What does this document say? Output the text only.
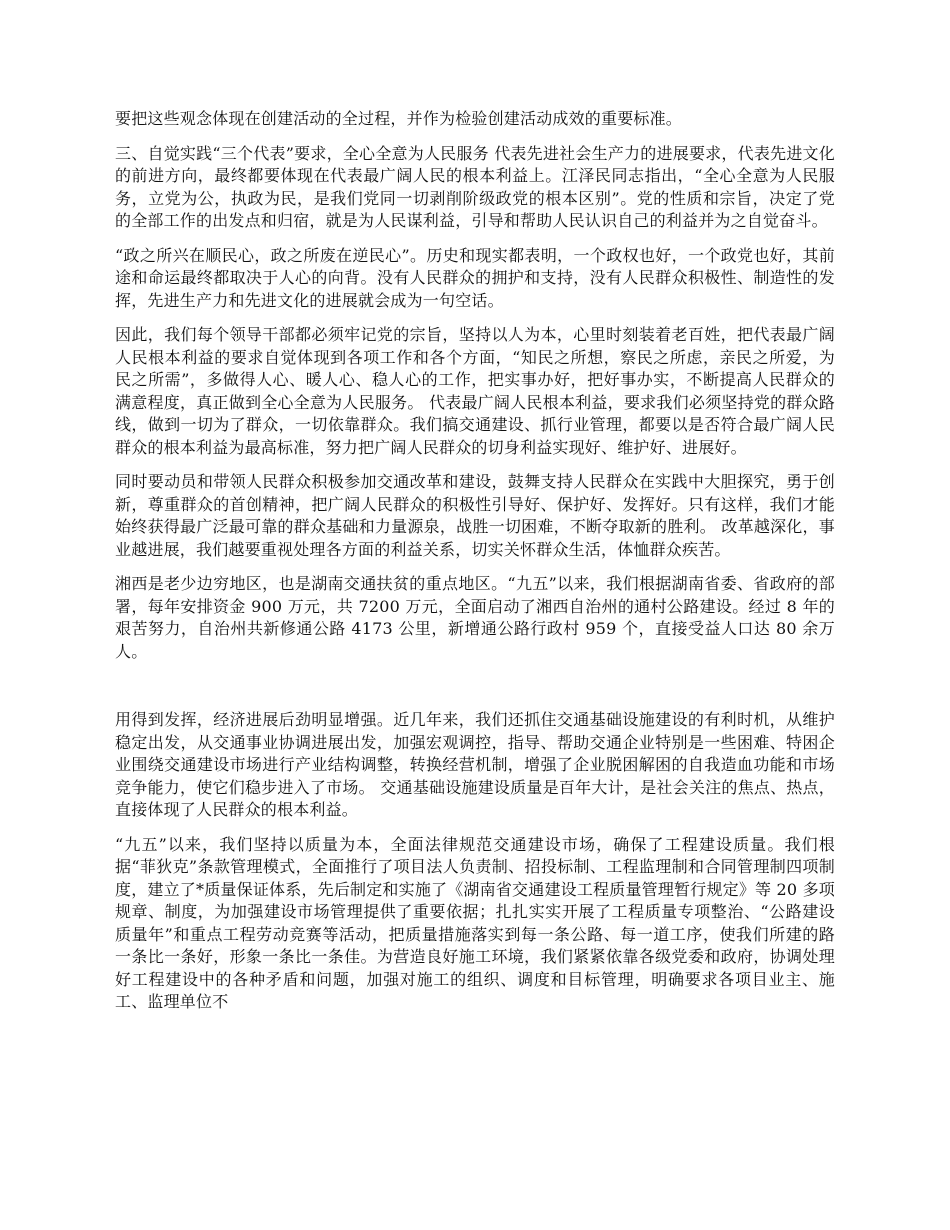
要把这些观念体现在创建活动的全过程，并作为检验创建活动成效的重要标准。

三、自觉实践“三个代表”要求，全心全意为人民服务 代表先进社会生产力的进展要求，代表先进文化的前进方向，最终都要体现在代表最广阔人民的根本利益上。江泽民同志指出，“全心全意为人民服务，立党为公，执政为民，是我们党同一切剥削阶级政党的根本区别”。党的性质和宗旨，决定了党的全部工作的出发点和归宿，就是为人民谋利益，引导和帮助人民认识自己的利益并为之自觉奋斗。

“政之所兴在顺民心，政之所废在逆民心”。历史和现实都表明，一个政权也好，一个政党也好，其前途和命运最终都取决于人心的向背。没有人民群众的拥护和支持，没有人民群众积极性、制造性的发挥，先进生产力和先进文化的进展就会成为一句空话。

因此，我们每个领导干部都必须牢记党的宗旨，坚持以人为本，心里时刻装着老百姓，把代表最广阔人民根本利益的要求自觉体现到各项工作和各个方面，“知民之所想，察民之所虑，亲民之所爱，为民之所需”，多做得人心、暖人心、稳人心的工作，把实事办好，把好事办实，不断提高人民群众的满意程度，真正做到全心全意为人民服务。 代表最广阔人民根本利益，要求我们必须坚持党的群众路线，做到一切为了群众，一切依靠群众。我们搞交通建设、抓行业管理，都要以是否符合最广阔人民群众的根本利益为最高标准，努力把广阔人民群众的切身利益实现好、维护好、进展好。

同时要动员和带领人民群众积极参加交通改革和建设，鼓舞支持人民群众在实践中大胆探究，勇于创新，尊重群众的首创精神，把广阔人民群众的积极性引导好、保护好、发挥好。只有这样，我们才能始终获得最广泛最可靠的群众基础和力量源泉，战胜一切困难，不断夺取新的胜利。 改革越深化，事业越进展，我们越要重视处理各方面的利益关系，切实关怀群众生活，体恤群众疾苦。

湘西是老少边穷地区，也是湖南交通扶贫的重点地区。“九五”以来，我们根据湖南省委、省政府的部署，每年安排资金 900 万元，共 7200 万元，全面启动了湘西自治州的通村公路建设。经过 8 年的艰苦努力，自治州共新修通公路 4173 公里，新增通公路行政村 959 个，直接受益人口达 80 余万人。

用得到发挥，经济进展后劲明显增强。近几年来，我们还抓住交通基础设施建设的有利时机，从维护稳定出发，从交通事业协调进展出发，加强宏观调控，指导、帮助交通企业特别是一些困难、特困企业围绕交通建设市场进行产业结构调整，转换经营机制，增强了企业脱困解困的自我造血功能和市场竞争能力，使它们稳步进入了市场。 交通基础设施建设质量是百年大计，是社会关注的焦点、热点，直接体现了人民群众的根本利益。

“九五”以来，我们坚持以质量为本，全面法律规范交通建设市场，确保了工程建设质量。我们根据“菲狄克”条款管理模式，全面推行了项目法人负责制、招投标制、工程监理制和合同管理制四项制度，建立了*质量保证体系，先后制定和实施了《湖南省交通建设工程质量管理暂行规定》等 20 多项规章、制度，为加强建设市场管理提供了重要依据；扎扎实实开展了工程质量专项整治、“公路建设质量年”和重点工程劳动竞赛等活动，把质量措施落实到每一条公路、每一道工序，使我们所建的路一条比一条好，形象一条比一条佳。为营造良好施工环境，我们紧紧依靠各级党委和政府，协调处理好工程建设中的各种矛盾和问题，加强对施工的组织、调度和目标管理，明确要求各项目业主、施工、监理单位不
